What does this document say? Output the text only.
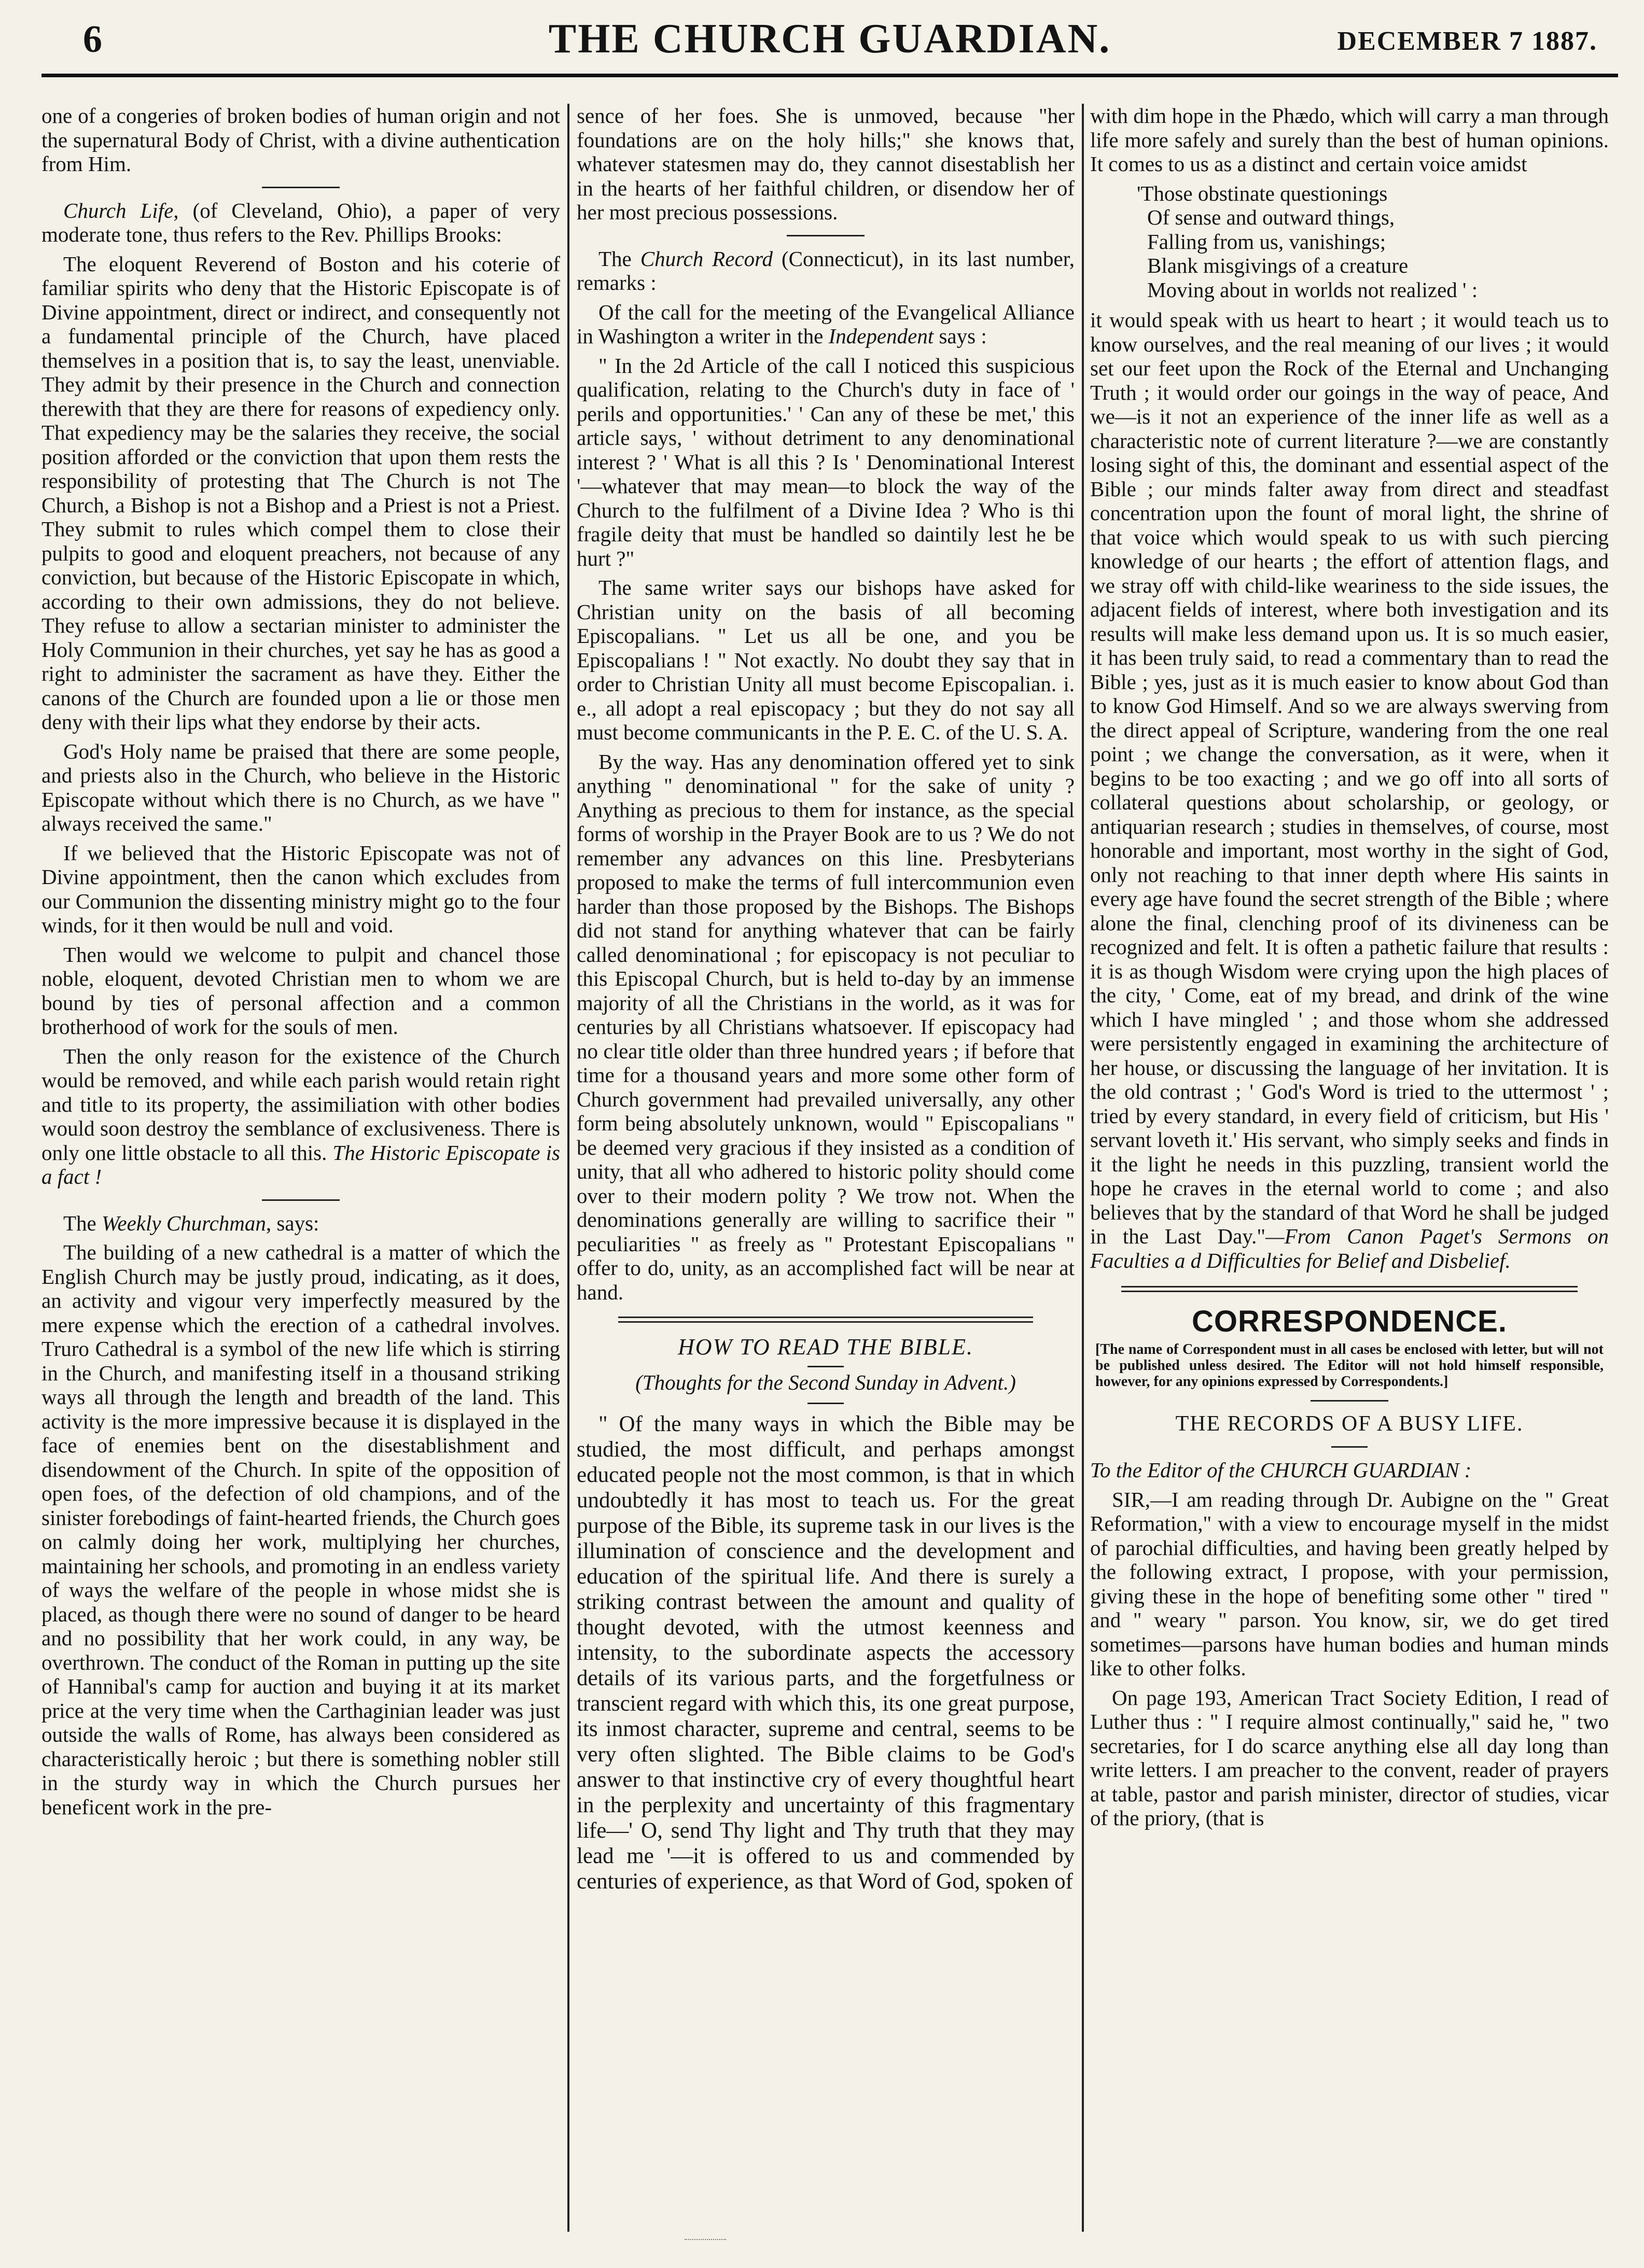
6	THE CHURCH GUARDIAN.	DECEMBER 7 1887.

one of a congeries of broken bodies of human origin and not the supernatural Body of Christ, with a divine authentication from Him.

Church Life, (of Cleveland, Ohio), a paper of very moderate tone, thus refers to the Rev. Phillips Brooks:

The eloquent Reverend of Boston and his coterie of familiar spirits who deny that the Historic Episcopate is of Divine appointment, direct or indirect, and consequently not a fundamental principle of the Church, have placed themselves in a position that is, to say the least, unenviable. They admit by their presence in the Church and connection therewith that they are there for reasons of expediency only. That expediency may be the salaries they receive, the social position afforded or the conviction that upon them rests the responsibility of protesting that The Church is not The Church, a Bishop is not a Bishop and a Priest is not a Priest. They submit to rules which compel them to close their pulpits to good and eloquent preachers, not because of any conviction, but because of the Historic Episcopate in which, according to their own admissions, they do not believe. They refuse to allow a sectarian minister to administer the Holy Communion in their churches, yet say he has as good a right to administer the sacrament as have they. Either the canons of the Church are founded upon a lie or those men deny with their lips what they endorse by their acts.

God's Holy name be praised that there are some people, and priests also in the Church, who believe in the Historic Episcopate without which there is no Church, as we have " always received the same."

If we believed that the Historic Episcopate was not of Divine appointment, then the canon which excludes from our Communion the dissenting ministry might go to the four winds, for it then would be null and void.

Then would we welcome to pulpit and chancel those noble, eloquent, devoted Christian men to whom we are bound by ties of personal affection and a common brotherhood of work for the souls of men.

Then the only reason for the existence of the Church would be removed, and while each parish would retain right and title to its property, the assimiliation with other bodies would soon destroy the semblance of exclusiveness. There is only one little obstacle to all this. The Historic Episcopate is a fact !

The Weekly Churchman, says:

The building of a new cathedral is a matter of which the English Church may be justly proud, indicating, as it does, an activity and vigour very imperfectly measured by the mere expense which the erection of a cathedral involves. Truro Cathedral is a symbol of the new life which is stirring in the Church, and manifesting itself in a thousand striking ways all through the length and breadth of the land. This activity is the more impressive because it is displayed in the face of enemies bent on the disestablishment and disendowment of the Church. In spite of the opposition of open foes, of the defection of old champions, and of the sinister forebodings of faint-hearted friends, the Church goes on calmly doing her work, multiplying her churches, maintaining her schools, and promoting in an endless variety of ways the welfare of the people in whose midst she is placed, as though there were no sound of danger to be heard and no possibility that her work could, in any way, be overthrown. The conduct of the Roman in putting up the site of Hannibal's camp for auction and buying it at its market price at the very time when the Carthaginian leader was just outside the walls of Rome, has always been considered as characteristically heroic ; but there is something nobler still in the sturdy way in which the Church pursues her beneficent work in the pre-

sence of her foes. She is unmoved, because "her foundations are on the holy hills;" she knows that, whatever statesmen may do, they cannot disestablish her in the hearts of her faithful children, or disendow her of her most precious possessions.

The Church Record (Connecticut), in its last number, remarks :

Of the call for the meeting of the Evangelical Alliance in Washington a writer in the Independent says :

" In the 2d Article of the call I noticed this suspicious qualification, relating to the Church's duty in face of ' perils and opportunities.' ' Can any of these be met,' this article says, ' without detriment to any denominational interest ? ' What is all this ? Is ' Denominational Interest '—whatever that may mean—to block the way of the Church to the fulfilment of a Divine Idea ? Who is thi fragile deity that must be handled so daintily lest he be hurt ?"

The same writer says our bishops have asked for Christian unity on the basis of all becoming Episcopalians. " Let us all be one, and you be Episcopalians ! " Not exactly. No doubt they say that in order to Christian Unity all must become Episcopalian. i. e., all adopt a real episcopacy ; but they do not say all must become communicants in the P. E. C. of the U. S. A.

By the way. Has any denomination offered yet to sink anything " denominational " for the sake of unity ? Anything as precious to them for instance, as the special forms of worship in the Prayer Book are to us ? We do not remember any advances on this line. Presbyterians proposed to make the terms of full intercommunion even harder than those proposed by the Bishops. The Bishops did not stand for anything whatever that can be fairly called denominational ; for episcopacy is not peculiar to this Episcopal Church, but is held to-day by an immense majority of all the Christians in the world, as it was for centuries by all Christians whatsoever. If episcopacy had no clear title older than three hundred years ; if before that time for a thousand years and more some other form of Church government had prevailed universally, any other form being absolutely unknown, would " Episcopalians " be deemed very gracious if they insisted as a condition of unity, that all who adhered to historic polity should come over to their modern polity ? We trow not. When the denominations generally are willing to sacrifice their " peculiarities " as freely as " Protestant Episcopalians " offer to do, unity, as an accomplished fact will be near at hand.

HOW TO READ THE BIBLE.
(Thoughts for the Second Sunday in Advent.)

" Of the many ways in which the Bible may be studied, the most difficult, and perhaps amongst educated people not the most common, is that in which undoubtedly it has most to teach us. For the great purpose of the Bible, its supreme task in our lives is the illumination of conscience and the development and education of the spiritual life. And there is surely a striking contrast between the amount and quality of thought devoted, with the utmost keenness and intensity, to the subordinate aspects the accessory details of its various parts, and the forgetfulness or transcient regard with which this, its one great purpose, its inmost character, supreme and central, seems to be very often slighted. The Bible claims to be God's answer to that instinctive cry of every thoughtful heart in the perplexity and uncertainty of this fragmentary life—' O, send Thy light and Thy truth that they may lead me '—it is offered to us and commended by centuries of experience, as that Word of God, spoken of

with dim hope in the Phædo, which will carry a man through life more safely and surely than the best of human opinions. It comes to us as a distinct and certain voice amidst

'Those obstinate questionings
Of sense and outward things,
Falling from us, vanishings;
Blank misgivings of a creature
Moving about in worlds not realized ' :

it would speak with us heart to heart ; it would teach us to know ourselves, and the real meaning of our lives ; it would set our feet upon the Rock of the Eternal and Unchanging Truth ; it would order our goings in the way of peace, And we—is it not an experience of the inner life as well as a characteristic note of current literature ?—we are constantly losing sight of this, the dominant and essential aspect of the Bible ; our minds falter away from direct and steadfast concentration upon the fount of moral light, the shrine of that voice which would speak to us with such piercing knowledge of our hearts ; the effort of attention flags, and we stray off with child-like weariness to the side issues, the adjacent fields of interest, where both investigation and its results will make less demand upon us. It is so much easier, it has been truly said, to read a commentary than to read the Bible ; yes, just as it is much easier to know about God than to know God Himself. And so we are always swerving from the direct appeal of Scripture, wandering from the one real point ; we change the conversation, as it were, when it begins to be too exacting ; and we go off into all sorts of collateral questions about scholarship, or geology, or antiquarian research ; studies in themselves, of course, most honorable and important, most worthy in the sight of God, only not reaching to that inner depth where His saints in every age have found the secret strength of the Bible ; where alone the final, clenching proof of its divineness can be recognized and felt. It is often a pathetic failure that results : it is as though Wisdom were crying upon the high places of the city, ' Come, eat of my bread, and drink of the wine which I have mingled ' ; and those whom she addressed were persistently engaged in examining the architecture of her house, or discussing the language of her invitation. It is the old contrast ; ' God's Word is tried to the uttermost ' ; tried by every standard, in every field of criticism, but His ' servant loveth it.' His servant, who simply seeks and finds in it the light he needs in this puzzling, transient world the hope he craves in the eternal world to come ; and also believes that by the standard of that Word he shall be judged in the Last Day."—From Canon Paget's Sermons on Faculties a d Difficulties for Belief and Disbelief.

CORRESPONDENCE.
[The name of Correspondent must in all cases be enclosed with letter, but will not be published unless desired. The Editor will not hold himself responsible, however, for any opinions expressed by Correspondents.]
THE RECORDS OF A BUSY LIFE.

To the Editor of the CHURCH GUARDIAN :

SIR,—I am reading through Dr. Aubigne on the " Great Reformation," with a view to encourage myself in the midst of parochial difficulties, and having been greatly helped by the following extract, I propose, with your permission, giving these in the hope of benefiting some other " tired " and " weary " parson. You know, sir, we do get tired sometimes—parsons have human bodies and human minds like to other folks.

On page 193, American Tract Society Edition, I read of Luther thus : " I require almost continually," said he, " two secretaries, for I do scarce anything else all day long than write letters. I am preacher to the convent, reader of prayers at table, pastor and parish minister, director of studies, vicar of the priory, (that is
